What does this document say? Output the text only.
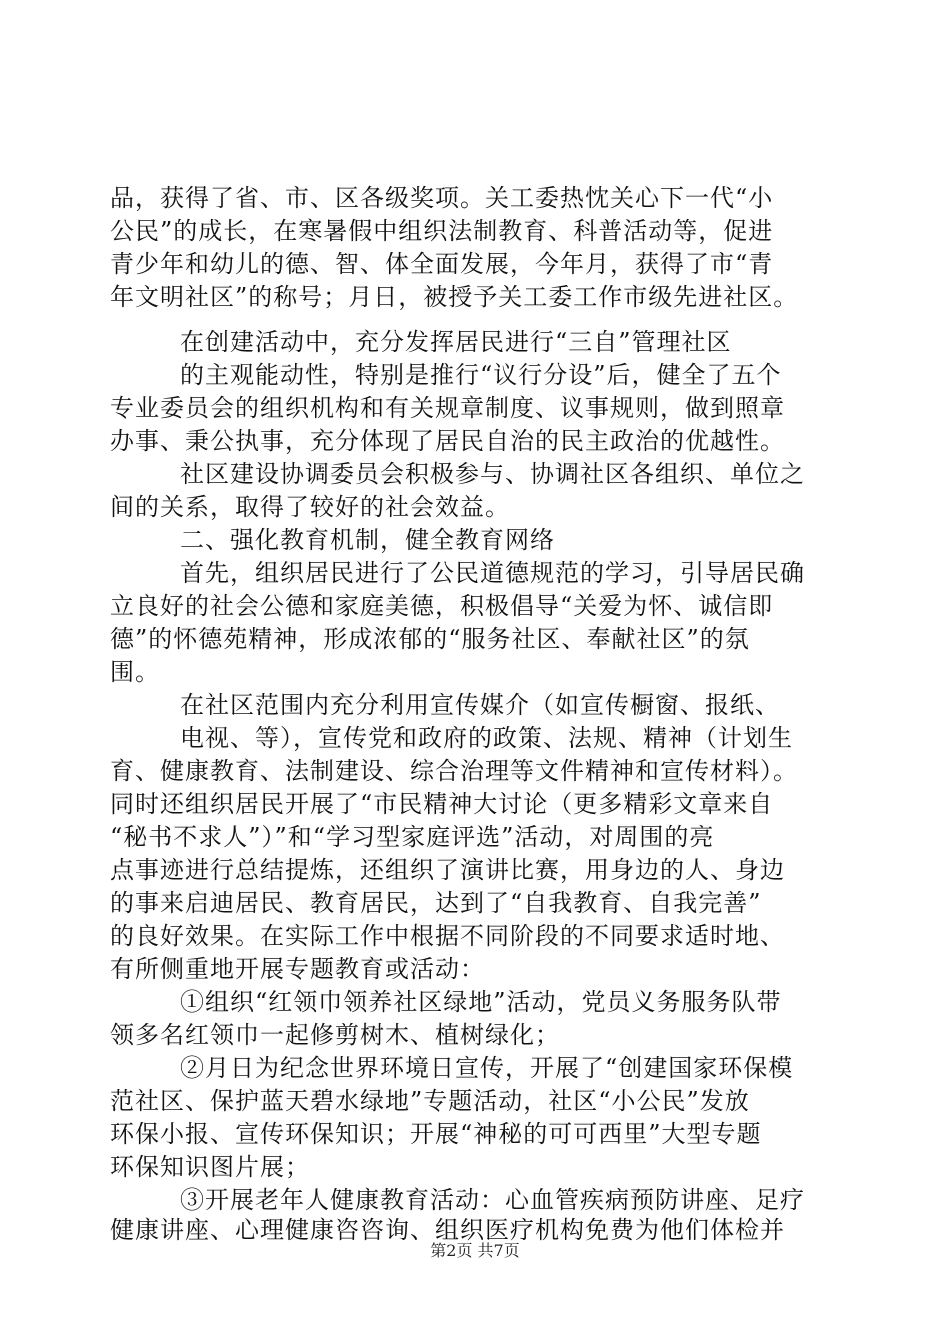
品，获得了省、市、区各级奖项。关工委热忱关心下一代“小
公民”的成长，在寒暑假中组织法制教育、科普活动等，促进
青少年和幼儿的德、智、体全面发展，今年月，获得了市“青
年文明社区”的称号；月日，被授予关工委工作市级先进社区。
在创建活动中，充分发挥居民进行“三自”管理社区
的主观能动性，特别是推行“议行分设”后，健全了五个
专业委员会的组织机构和有关规章制度、议事规则，做到照章
办事、秉公执事，充分体现了居民自治的民主政治的优越性。
社区建设协调委员会积极参与、协调社区各组织、单位之
间的关系，取得了较好的社会效益。
二、强化教育机制，健全教育网络
首先，组织居民进行了公民道德规范的学习，引导居民确
立良好的社会公德和家庭美德，积极倡导“关爱为怀、诚信即
德”的怀德苑精神，形成浓郁的“服务社区、奉献社区”的氛
围。
在社区范围内充分利用宣传媒介（如宣传橱窗、报纸、
电视、等），宣传党和政府的政策、法规、精神（计划生
育、健康教育、法制建设、综合治理等文件精神和宣传材料）。
同时还组织居民开展了“市民精神大讨论（更多精彩文章来自
“秘书不求人”）”和“学习型家庭评选”活动，对周围的亮
点事迹进行总结提炼，还组织了演讲比赛，用身边的人、身边
的事来启迪居民、教育居民，达到了“自我教育、自我完善”
的良好效果。在实际工作中根据不同阶段的不同要求适时地、
有所侧重地开展专题教育或活动：
①组织“红领巾领养社区绿地”活动，党员义务服务队带
领多名红领巾一起修剪树木、植树绿化；
②月日为纪念世界环境日宣传，开展了“创建国家环保模
范社区、保护蓝天碧水绿地”专题活动，社区“小公民”发放
环保小报、宣传环保知识；开展“神秘的可可西里”大型专题
环保知识图片展；
③开展老年人健康教育活动：心血管疾病预防讲座、足疗
健康讲座、心理健康咨咨询、组织医疗机构免费为他们体检并
第2页 共7页
